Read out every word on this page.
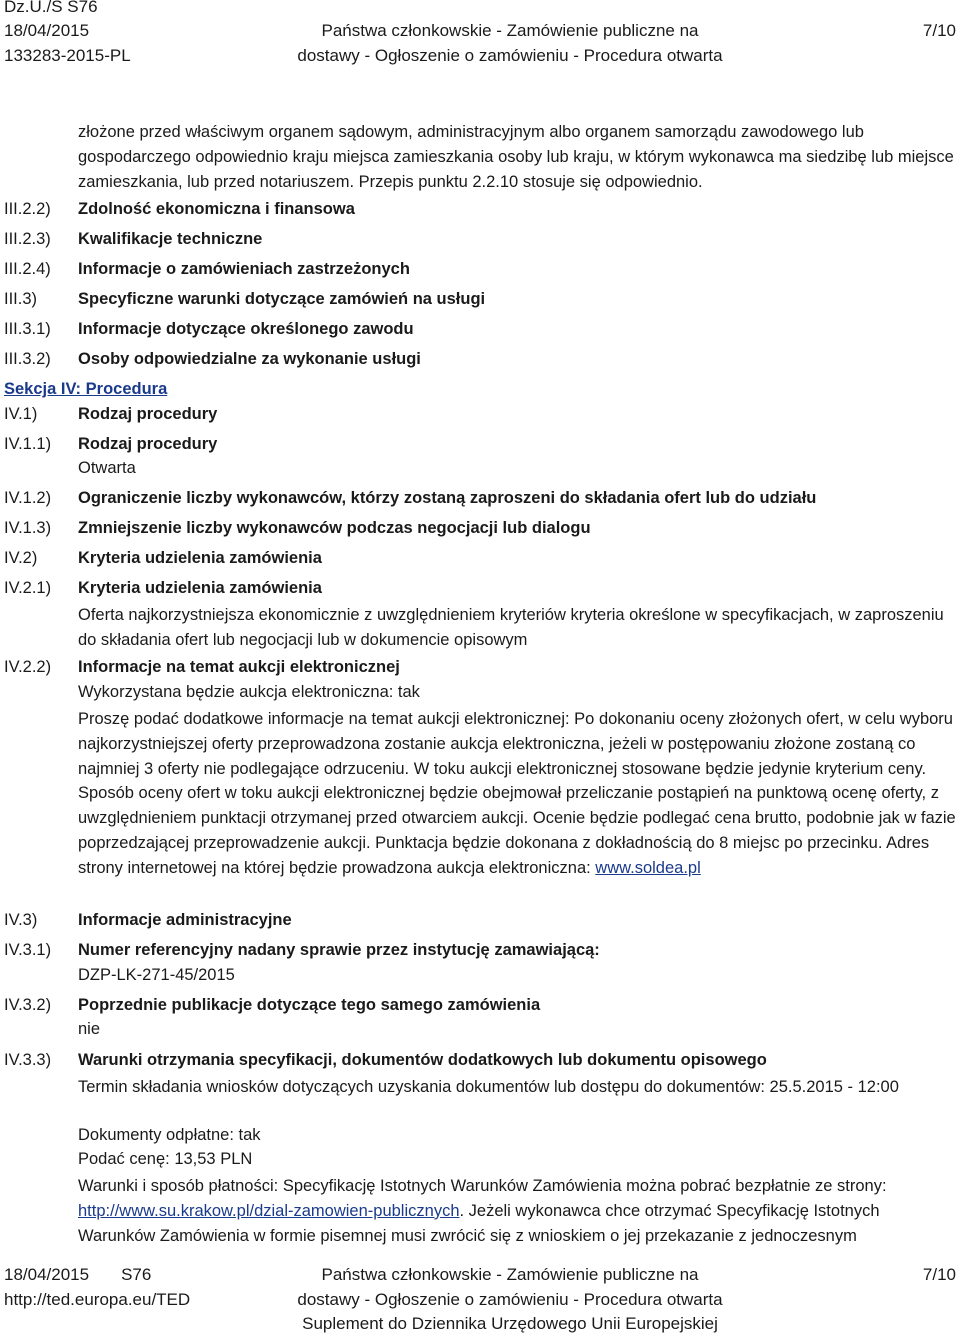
Dz.U./S S76
18/04/2015
133283-2015-PL
Państwa członkowskie - Zamówienie publiczne na
dostawy - Ogłoszenie o zamówieniu - Procedura otwarta
7/10
złożone przed właściwym organem sądowym, administracyjnym albo organem samorządu zawodowego lub gospodarczego odpowiednio kraju miejsca zamieszkania osoby lub kraju, w którym wykonawca ma siedzibę lub miejsce zamieszkania, lub przed notariuszem. Przepis punktu 2.2.10 stosuje się odpowiednio.
III.2.2) Zdolność ekonomiczna i finansowa
III.2.3) Kwalifikacje techniczne
III.2.4) Informacje o zamówieniach zastrzeżonych
III.3) Specyficzne warunki dotyczące zamówień na usługi
III.3.1) Informacje dotyczące określonego zawodu
III.3.2) Osoby odpowiedzialne za wykonanie usługi
Sekcja IV: Procedura
IV.1) Rodzaj procedury
IV.1.1) Rodzaj procedury
Otwarta
IV.1.2) Ograniczenie liczby wykonawców, którzy zostaną zaproszeni do składania ofert lub do udziału
IV.1.3) Zmniejszenie liczby wykonawców podczas negocjacji lub dialogu
IV.2) Kryteria udzielenia zamówienia
IV.2.1) Kryteria udzielenia zamówienia
Oferta najkorzystniejsza ekonomicznie z uwzględnieniem kryteriów kryteria określone w specyfikacjach, w zaproszeniu do składania ofert lub negocjacji lub w dokumencie opisowym
IV.2.2) Informacje na temat aukcji elektronicznej
Wykorzystana będzie aukcja elektroniczna: tak
Proszę podać dodatkowe informacje na temat aukcji elektronicznej: Po dokonaniu oceny złożonych ofert, w celu wyboru najkorzystniejszej oferty przeprowadzona zostanie aukcja elektroniczna, jeżeli w postępowaniu złożone zostaną co najmniej 3 oferty nie podlegające odrzuceniu. W toku aukcji elektronicznej stosowane będzie jedynie kryterium ceny. Sposób oceny ofert w toku aukcji elektronicznej będzie obejmował przeliczanie postąpień na punktową ocenę oferty, z uwzględnieniem punktacji otrzymanej przed otwarciem aukcji. Ocenie będzie podlegać cena brutto, podobnie jak w fazie poprzedzającej przeprowadzenie aukcji. Punktacja będzie dokonana z dokładnością do 8 miejsc po przecinku. Adres strony internetowej na której będzie prowadzona aukcja elektroniczna: www.soldea.pl
IV.3) Informacje administracyjne
IV.3.1) Numer referencyjny nadany sprawie przez instytucję zamawiającą:
DZP-LK-271-45/2015
IV.3.2) Poprzednie publikacje dotyczące tego samego zamówienia
nie
IV.3.3) Warunki otrzymania specyfikacji, dokumentów dodatkowych lub dokumentu opisowego
Termin składania wniosków dotyczących uzyskania dokumentów lub dostępu do dokumentów: 25.5.2015 - 12:00
Dokumenty odpłatne: tak
Podać cenę: 13,53 PLN
Warunki i sposób płatności: Specyfikację Istotnych Warunków Zamówienia można pobrać bezpłatnie ze strony: http://www.su.krakow.pl/dzial-zamowien-publicznych. Jeżeli wykonawca chce otrzymać Specyfikację Istotnych Warunków Zamówienia w formie pisemnej musi zwrócić się z wnioskiem o jej przekazanie z jednoczesnym
18/04/2015 S76
http://ted.europa.eu/TED
Państwa członkowskie - Zamówienie publiczne na
dostawy - Ogłoszenie o zamówieniu - Procedura otwarta
Suplement do Dziennika Urzędowego Unii Europejskiej
7/10
